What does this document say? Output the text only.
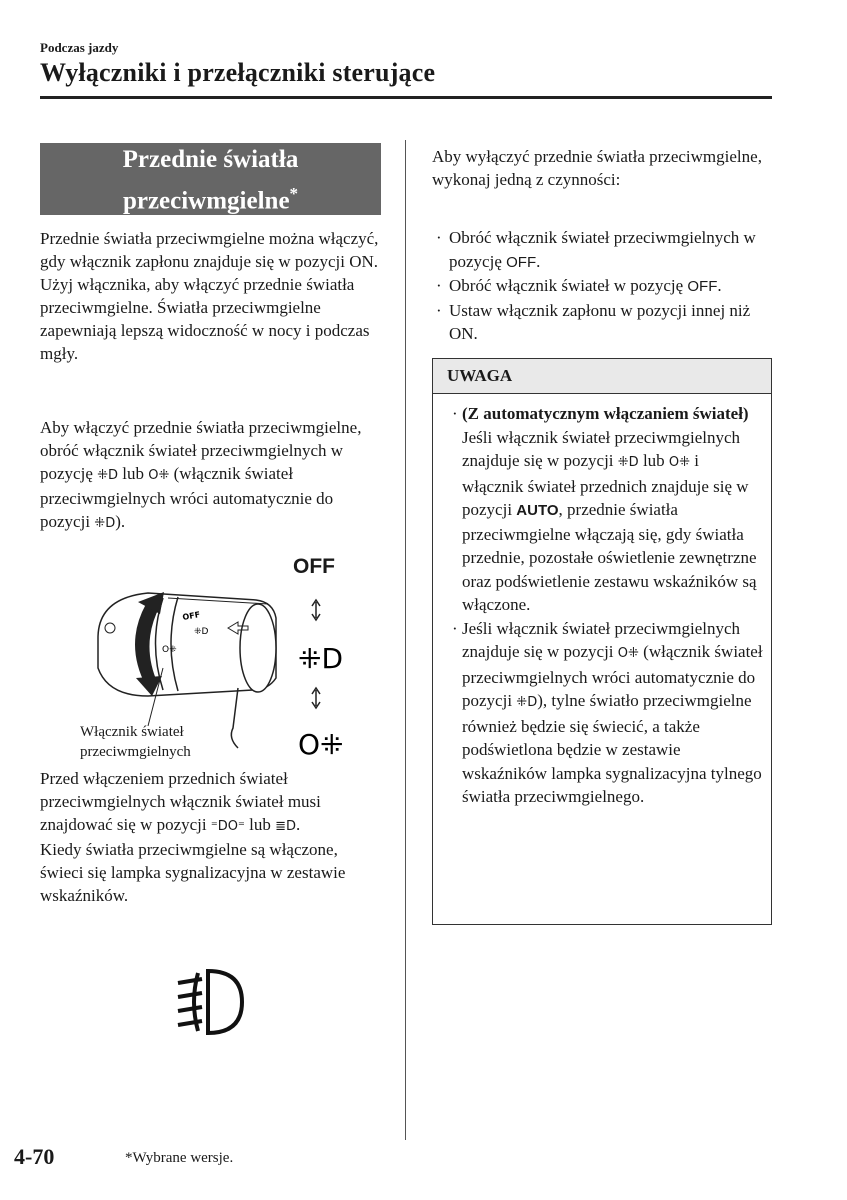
Podczas jazdy
Wyłączniki i przełączniki sterujące
Przednie światła
przeciwmgielne*

Przednie światła przeciwmgielne można włączyć, gdy włącznik zapłonu znajduje się w pozycji ON.

Użyj włącznika, aby włączyć przednie światła przeciwmgielne. Światła przeciwmgielne zapewniają lepszą widoczność w nocy i podczas mgły.

Aby włączyć przednie światła przeciwmgielne, obróć włącznik świateł przeciwmgielnych w pozycję ⁜D lub O⁜ (włącznik świateł przeciwmgielnych wróci automatycznie do pozycji ⁜D).
OFF
OFF
⁜D
O⁜	⁜D
O⁜
Włącznik świateł
przeciwmgielnych
Przed włączeniem przednich świateł przeciwmgielnych włącznik świateł musi znajdować się w pozycji ⁼DO⁼ lub ≣D.

Kiedy światła przeciwmgielne są włączone, świeci się lampka sygnalizacyjna w zestawie wskaźników.

Aby wyłączyć przednie światła przeciwmgielne, wykonaj jedną z czynności:
· Obróć włącznik świateł przeciwmgielnych w pozycję OFF.
· Obróć włącznik świateł w pozycję OFF.
· Ustaw włącznik zapłonu w pozycji innej niż ON.
UWAGA
· (Z automatycznym włączaniem świateł)
Jeśli włącznik świateł przeciwmgielnych znajduje się w pozycji ⁜D lub O⁜ i włącznik świateł przednich znajduje się w pozycji AUTO, przednie światła przeciwmgielne włączają się, gdy światła przednie, pozostałe oświetlenie zewnętrzne oraz podświetlenie zestawu wskaźników są włączone.
· Jeśli włącznik świateł przeciwmgielnych znajduje się w pozycji O⁜ (włącznik świateł przeciwmgielnych wróci automatycznie do pozycji ⁜D), tylne światło przeciwmgielne również będzie się świecić, a także podświetlona będzie w zestawie wskaźników lampka sygnalizacyjna tylnego światła przeciwmgielnego.
4-70	*Wybrane wersje.
